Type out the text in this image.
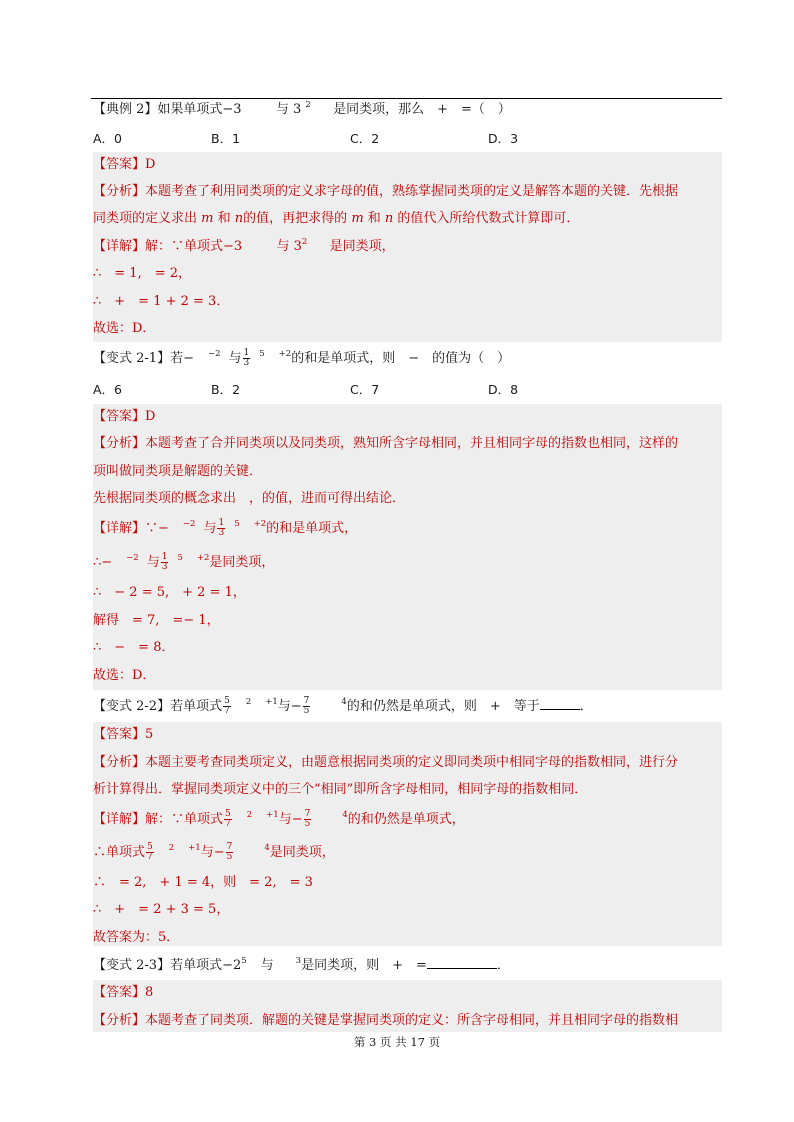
【典例 2】如果单项式−3	与 3 $^2$ 是同类项，那么　+　=（　）
A．0	B．1	C．2	D．3
【答案】D
【分析】本题考查了利用同类项的定义求字母的值，熟练掌握同类项的定义是解答本题的关键．先根据
同类项的定义求出 m 和 n的值，再把求得的 m 和 n 的值代入所给代数式计算即可．
【详解】解：∵单项式−3	与 $3^2$ 是同类项，
∴　= 1,　= 2，
∴　+　= 1 + 2 = 3．
故选：D．
【变式 2-1】若− $^{-2}$ 与 $\frac{1}{3} ^5$ $^{+2}$的和是单项式，则　−　的值为（　）
A．6	B．2	C．7	D．8
【答案】D
【分析】本题考查了合并同类项以及同类项，熟知所含字母相同，并且相同字母的指数也相同，这样的
项叫做同类项是解题的关键．
先根据同类项的概念求出　，的值，进而可得出结论．
【详解】∵− $^{-2}$ 与 $\frac{1}{3} ^5$ $^{+2}$的和是单项式，
∴− $^{-2}$ 与 $\frac{1}{3} ^5$ $^{+2}$是同类项，
∴　− 2 = 5,　+ 2 = 1，
解得　= 7,　=− 1，
∴　−　= 8．
故选：D．
【变式 2-2】若单项式 $\frac{5}{7} ^2$ $^{+1}$与− $\frac{7}{5}$	$^4$的和仍然是单项式，则　+　等于	．
【答案】5
【分析】本题主要考查同类项定义，由题意根据同类项的定义即同类项中相同字母的指数相同，进行分
析计算得出．掌握同类项定义中的三个“相同”即所含字母相同，相同字母的指数相同．
【详解】解：∵单项式 $\frac{5}{7} ^2$ $^{+1}$与− $\frac{7}{5}$	$^4$的和仍然是单项式，
∴单项式 $\frac{5}{7} ^2$ $^{+1}$与− $\frac{7}{5}$	$^4$是同类项，
∴　= 2,　+ 1 = 4，则　= 2,　= 3
∴　+　= 2 + 3 = 5，
故答案为：5．
【变式 2-3】若单项式$-2^5$ 与	$^3$是同类项，则　+　=	．
【答案】8
【分析】本题考查了同类项．解题的关键是掌握同类项的定义：所含字母相同，并且相同字母的指数相
第 3 页 共 17 页
